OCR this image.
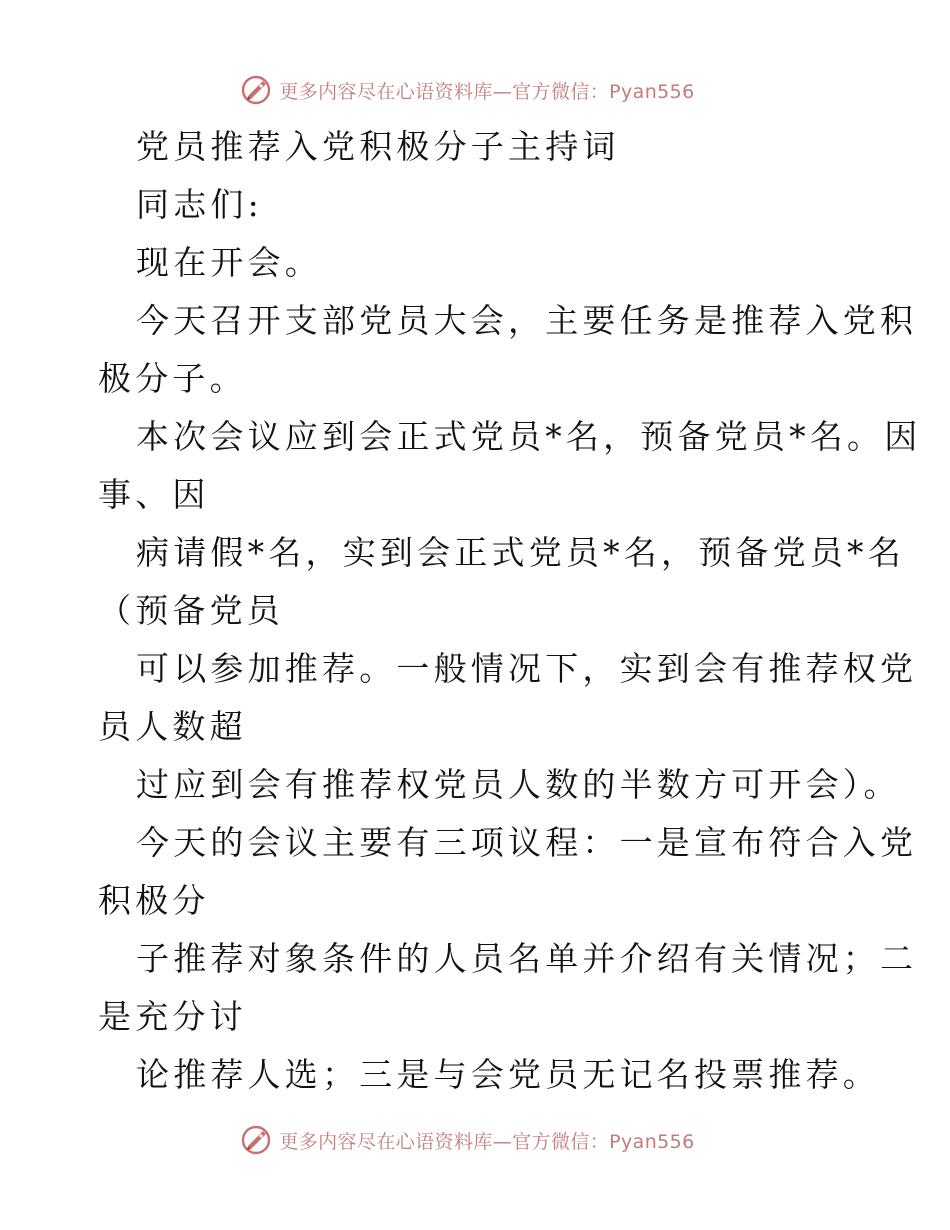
更多内容尽在心语资料库—官方微信：Pyan556
党员推荐入党积极分子主持词
同志们:
现在开会。
今天召开支部党员大会，主要任务是推荐入党积
极分子。
本次会议应到会正式党员*名，预备党员*名。因
事、因
病请假*名，实到会正式党员*名，预备党员*名
（预备党员
可以参加推荐。一般情况下，实到会有推荐权党
员人数超
过应到会有推荐权党员人数的半数方可开会）。
今天的会议主要有三项议程：一是宣布符合入党
积极分
子推荐对象条件的人员名单并介绍有关情况；二
是充分讨
论推荐人选；三是与会党员无记名投票推荐。
更多内容尽在心语资料库—官方微信：Pyan556
